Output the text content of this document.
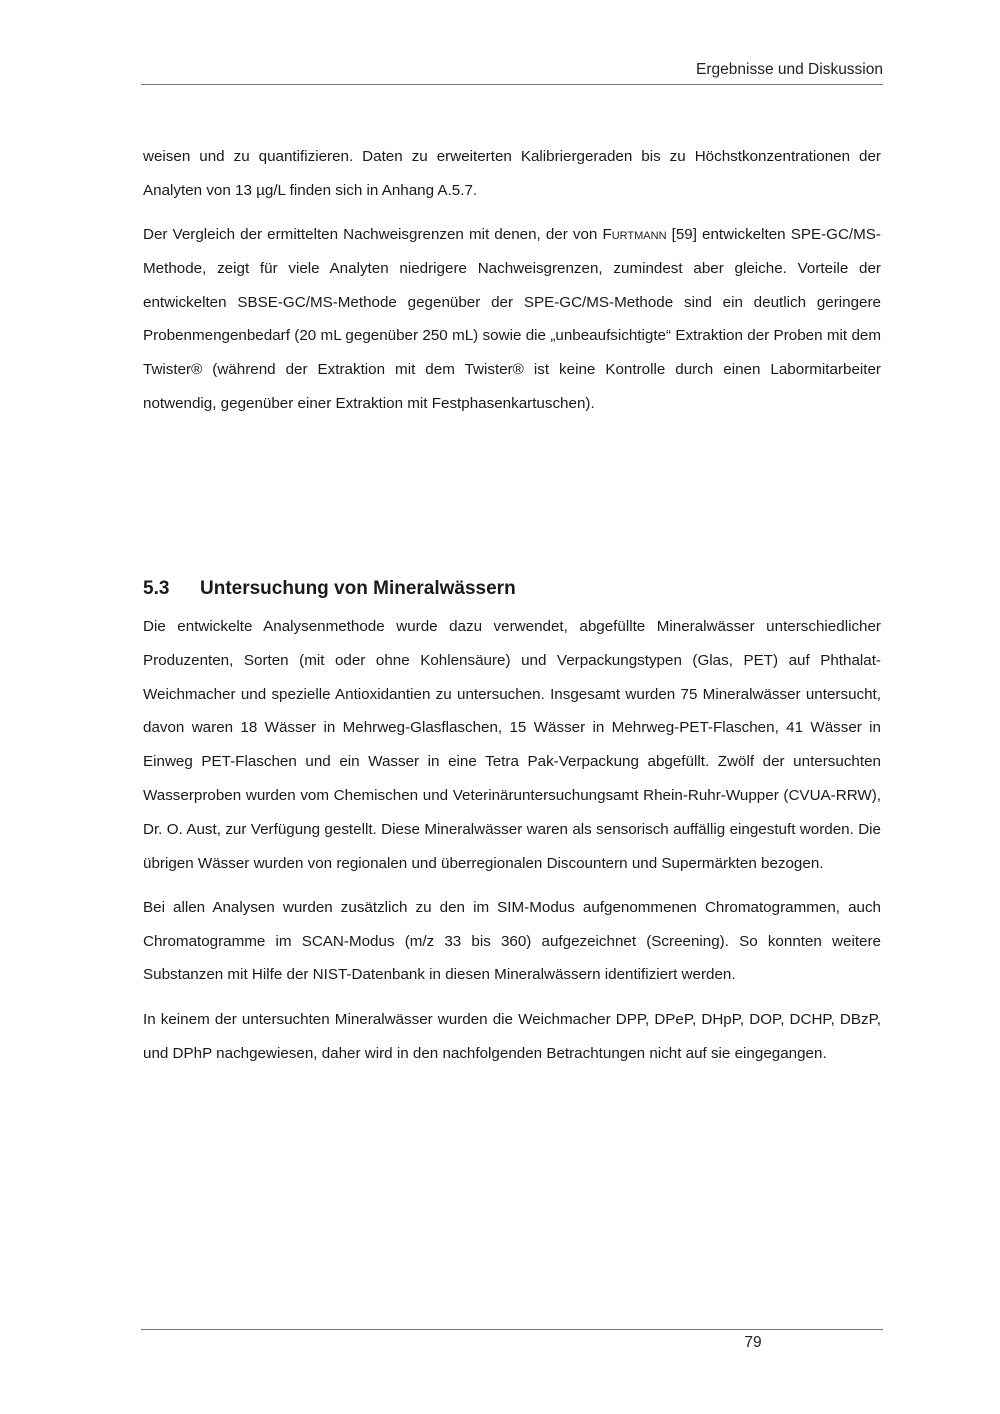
Ergebnisse und Diskussion

weisen und zu quantifizieren. Daten zu erweiterten Kalibriergeraden bis zu Höchstkonzentrationen der Analyten von 13 µg/L finden sich in Anhang A.5.7.

Der Vergleich der ermittelten Nachweisgrenzen mit denen, der von Furtmann [59] entwickelten SPE-GC/MS-Methode, zeigt für viele Analyten niedrigere Nachweisgrenzen, zumindest aber gleiche. Vorteile der entwickelten SBSE-GC/MS-Methode gegenüber der SPE-GC/MS-Methode sind ein deutlich geringere Probenmengenbedarf (20 mL gegenüber 250 mL) sowie die „unbeaufsichtigte“ Extraktion der Proben mit dem Twister® (während der Extraktion mit dem Twister® ist keine Kontrolle durch einen Labormitarbeiter notwendig, gegenüber einer Extraktion mit Festphasenkartuschen).

5.3 Untersuchung von Mineralwässern

Die entwickelte Analysenmethode wurde dazu verwendet, abgefüllte Mineralwässer unterschiedlicher Produzenten, Sorten (mit oder ohne Kohlensäure) und Verpackungstypen (Glas, PET) auf Phthalat-Weichmacher und spezielle Antioxidantien zu untersuchen. Insgesamt wurden 75 Mineralwässer untersucht, davon waren 18 Wässer in Mehrweg-Glasflaschen, 15 Wässer in Mehrweg-PET-Flaschen, 41 Wässer in Einweg PET-Flaschen und ein Wasser in eine Tetra Pak-Verpackung abgefüllt. Zwölf der untersuchten Wasserproben wurden vom Chemischen und Veterinäruntersuchungsamt Rhein-Ruhr-Wupper (CVUA-RRW), Dr. O. Aust, zur Verfügung gestellt. Diese Mineralwässer waren als sensorisch auffällig eingestuft worden. Die übrigen Wässer wurden von regionalen und überregionalen Discountern und Supermärkten bezogen.

Bei allen Analysen wurden zusätzlich zu den im SIM-Modus aufgenommenen Chromatogrammen, auch Chromatogramme im SCAN-Modus (m/z 33 bis 360) aufgezeichnet (Screening). So konnten weitere Substanzen mit Hilfe der NIST-Datenbank in diesen Mineralwässern identifiziert werden.

In keinem der untersuchten Mineralwässer wurden die Weichmacher DPP, DPeP, DHpP, DOP, DCHP, DBzP, und DPhP nachgewiesen, daher wird in den nachfolgenden Betrachtungen nicht auf sie eingegangen.

79
